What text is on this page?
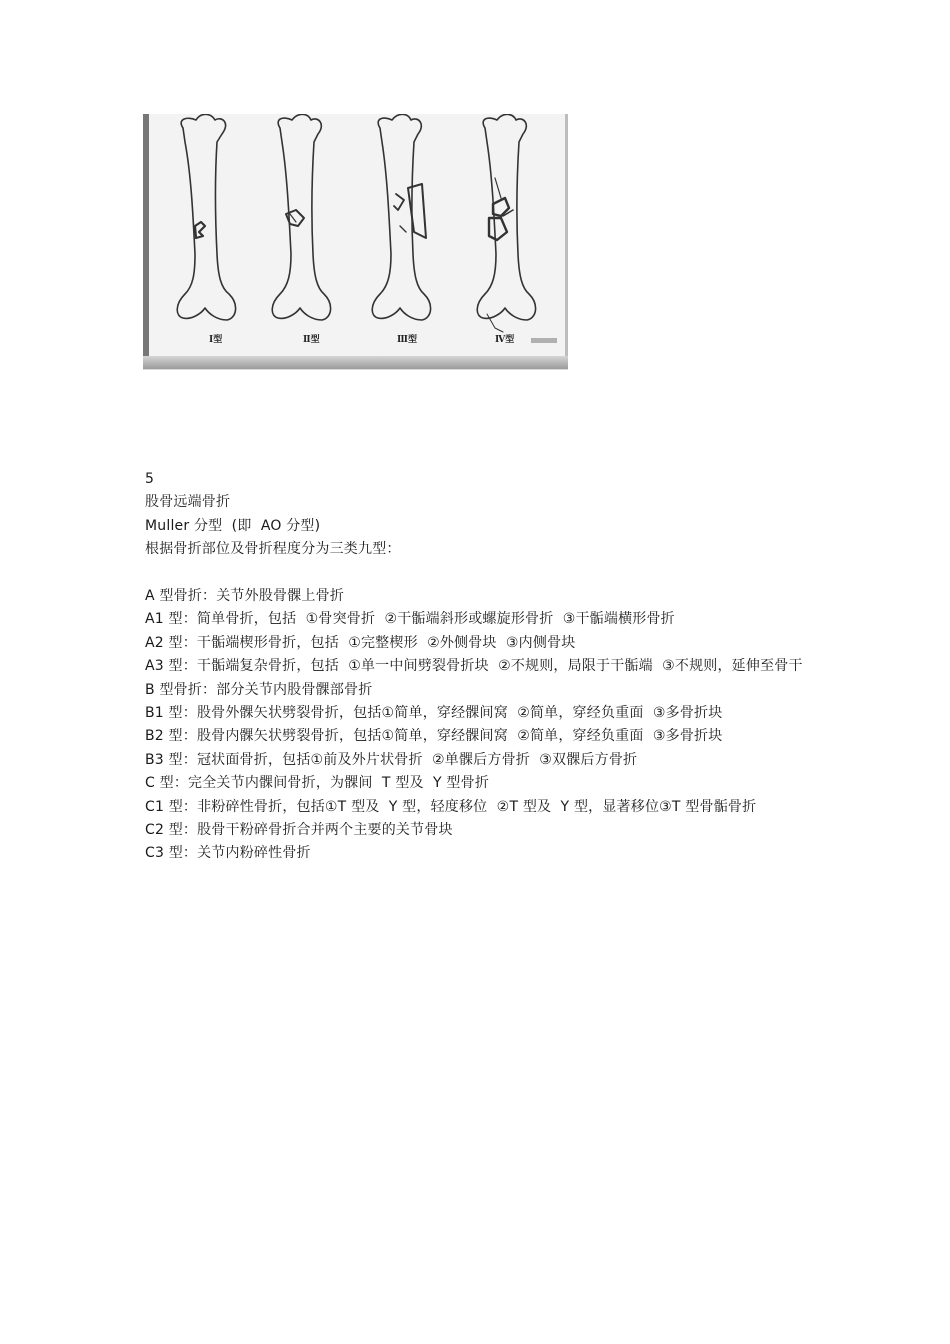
Ⅰ型	Ⅱ型	Ⅲ型	Ⅳ型

5

股骨远端骨折

Muller 分型  (即  AO 分型)

根据骨折部位及骨折程度分为三类九型：

A 型骨折：关节外股骨髁上骨折

A1 型：简单骨折，包括  ①骨突骨折  ②干骺端斜形或螺旋形骨折  ③干骺端横形骨折

A2 型：干骺端楔形骨折，包括  ①完整楔形  ②外侧骨块  ③内侧骨块

A3 型：干骺端复杂骨折，包括  ①单一中间劈裂骨折块  ②不规则，局限于干骺端  ③不规则，延伸至骨干

B 型骨折：部分关节内股骨髁部骨折

B1 型：股骨外髁矢状劈裂骨折，包括①简单，穿经髁间窝  ②简单，穿经负重面  ③多骨折块

B2 型：股骨内髁矢状劈裂骨折，包括①简单，穿经髁间窝  ②简单，穿经负重面  ③多骨折块

B3 型：冠状面骨折，包括①前及外片状骨折  ②单髁后方骨折  ③双髁后方骨折

C 型：完全关节内髁间骨折，为髁间  T 型及  Y 型骨折

C1 型：非粉碎性骨折，包括①T 型及  Y 型，轻度移位  ②T 型及  Y 型，显著移位③T 型骨骺骨折

C2 型：股骨干粉碎骨折合并两个主要的关节骨块

C3 型：关节内粉碎性骨折
